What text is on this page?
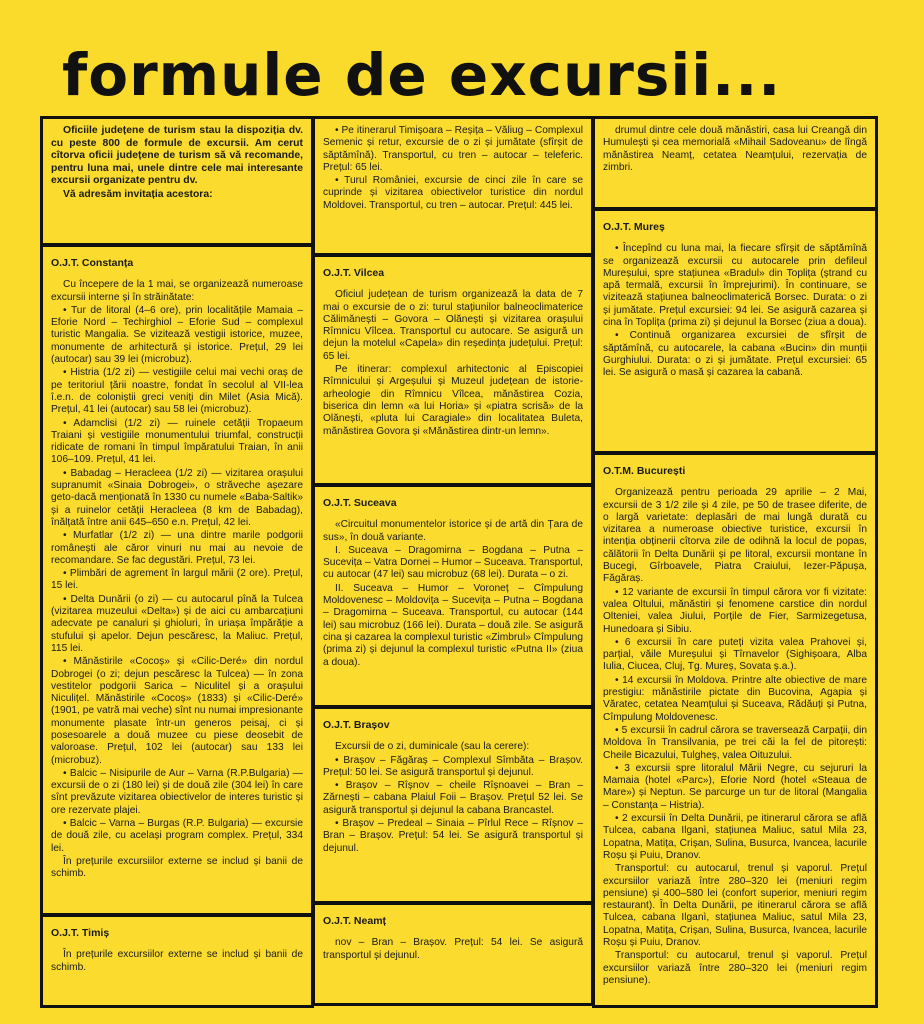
formule de excursii...

Oficiile județene de turism stau la dispoziția dv. cu peste 800 de formule de excursii. Am cerut cîtorva oficii județene de turism să vă recomande, pentru luna mai, unele dintre cele mai interesante excursii organizate pentru dv.

Vă adresăm invitația acestora:

O.J.T. Constanța

Cu începere de la 1 mai, se organizează numeroase excursii interne și în străinătate:

• Tur de litoral (4–6 ore), prin localitățile Mamaia – Eforie Nord – Techirghiol – Eforie Sud – complexul turistic Mangalia. Se vizitează vestigii istorice, muzee, monumente de arhitectură și istorice. Prețul, 29 lei (autocar) sau 39 lei (microbuz).

• Histria (1/2 zi) — vestigiile celui mai vechi oraș de pe teritoriul țării noastre, fondat în secolul al VII-lea î.e.n. de coloniștii greci veniți din Milet (Asia Mică). Prețul, 41 lei (autocar) sau 58 lei (microbuz).

• Adamclisi (1/2 zi) — ruinele cetății Tropaeum Traiani și vestigiile monumentului triumfal, construcții ridicate de romani în timpul împăratului Traian, în anii 106–109. Prețul, 41 lei.

• Babadag – Heracleea (1/2 zi) — vizitarea orașului supranumit «Sinaia Dobrogei», o străveche așezare geto-dacă menționată în 1330 cu numele «Baba-Saltik» și a ruinelor cetății Heracleea (8 km de Babadag), înălțată între anii 645–650 e.n. Prețul, 42 lei.

• Murfatlar (1/2 zi) — una dintre marile podgorii românești ale căror vinuri nu mai au nevoie de recomandare. Se fac degustări. Prețul, 73 lei.

• Plimbări de agrement în largul mării (2 ore). Prețul, 15 lei.

• Delta Dunării (o zi) — cu autocarul pînă la Tulcea (vizitarea muzeului «Delta») și de aici cu ambarcațiuni adecvate pe canaluri și ghioluri, în uriașa împărăție a stufului și apelor. Dejun pescăresc, la Maliuc. Prețul, 115 lei.

• Mănăstirile «Cocoș» și «Cilic-Deré» din nordul Dobrogei (o zi; dejun pescăresc la Tulcea) — în zona vestitelor podgorii Sarica – Niculitel și a orașului Niculițel. Mănăstirile «Cocoș» (1833) și «Cilic-Deré» (1901, pe vatră mai veche) sînt nu numai impresionante monumente plasate într-un generos peisaj, ci și posesoarele a două muzee cu piese deosebit de valoroase. Prețul, 102 lei (autocar) sau 133 lei (microbuz).

• Balcic – Nisipurile de Aur – Varna (R.P.Bulgaria) — excursii de o zi (180 lei) și de două zile (304 lei) în care sînt prevăzute vizitarea obiectivelor de interes turistic și ore rezervate plajei.

• Balcic – Varna – Burgas (R.P. Bulgaria) — excursie de două zile, cu același program complex. Prețul, 334 lei.

În prețurile excursiilor externe se includ și banii de schimb.

O.J.T. Timiș

În prețurile excursiilor externe se includ și banii de schimb.

• Pe itinerarul Timișoara – Reșița – Văliug – Complexul Semenic și retur, excursie de o zi și jumătate (sfîrșit de săptămînă). Transportul, cu tren – autocar – teleferic. Prețul: 65 lei.

• Turul României, excursie de cinci zile în care se cuprinde și vizitarea obiectivelor turistice din nordul Moldovei. Transportul, cu tren – autocar. Prețul: 445 lei.

O.J.T. Vilcea

Oficiul județean de turism organizează la data de 7 mai o excursie de o zi: turul stațiunilor balneoclimaterice Călimănești – Govora – Olănești și vizitarea orașului Rîmnicu Vîlcea. Transportul cu autocare. Se asigură un dejun la motelul «Capela» din reședința județului. Prețul: 65 lei.

Pe itinerar: complexul arhitectonic al Episcopiei Rîmnicului și Argeșului și Muzeul județean de istorie-arheologie din Rîmnicu Vîlcea, mănăstirea Cozia, biserica din lemn «a lui Horia» și «piatra scrisă» de la Olănești, «pluta lui Caragiale» din localitatea Buleta, mănăstirea Govora și «Mănăstirea dintr-un lemn».

O.J.T. Suceava

«Circuitul monumentelor istorice și de artă din Țara de sus», în două variante.

I. Suceava – Dragomirna – Bogdana – Putna – Sucevița – Vatra Dornei – Humor – Suceava. Transportul, cu autocar (47 lei) sau microbuz (68 lei). Durata – o zi.

II. Suceava – Humor – Voroneț – Cîmpulung Moldovenesc – Moldovița – Sucevița – Putna – Bogdana – Dragomirna – Suceava. Transportul, cu autocar (144 lei) sau microbuz (166 lei). Durata – două zile. Se asigură cina și cazarea la complexul turistic «Zimbrul» Cîmpulung (prima zi) și dejunul la complexul turistic «Putna II» (ziua a doua).

O.J.T. Brașov

Excursii de o zi, duminicale (sau la cerere):

• Brașov – Făgăraș – Complexul Sîmbăta – Brașov. Prețul: 50 lei. Se asigură transportul și dejunul.

• Brașov – Rîșnov – cheile Rîșnoavei – Bran – Zărnești – cabana Plaiul Foii – Brașov. Prețul 52 lei. Se asigură transportul și dejunul la cabana Brancastel.

• Brașov – Predeal – Sinaia – Pîrlul Rece – Rîșnov – Bran – Brașov. Prețul: 54 lei. Se asigură transportul și dejunul.

O.J.T. Neamț

nov – Bran – Brașov. Prețul: 54 lei. Se asigură transportul și dejunul.

drumul dintre cele două mănăstiri, casa lui Creangă din Humulești și cea memorială «Mihail Sadoveanu» de lîngă mănăstirea Neamț, cetatea Neamțului, rezervația de zimbri.

O.J.T. Mureș

• Începînd cu luna mai, la fiecare sfîrșit de săptămînă se organizează excursii cu autocarele prin defileul Mureșului, spre stațiunea «Bradul» din Toplița (ștrand cu apă termală, excursii în împrejurimi). În continuare, se vizitează stațiunea balneoclimaterică Borsec. Durata: o zi și jumătate. Prețul excursiei: 94 lei. Se asigură cazarea și cina în Toplița (prima zi) și dejunul la Borsec (ziua a doua).

• Continuă organizarea excursiei de sfîrșit de săptămînă, cu autocarele, la cabana «Bucin» din munții Gurghiului. Durata: o zi și jumătate. Prețul excursiei: 65 lei. Se asigură o masă și cazarea la cabană.

O.T.M. București

Organizează pentru perioada 29 aprilie – 2 Mai, excursii de 3 1/2 zile și 4 zile, pe 50 de trasee diferite, de o largă varietate: deplasări de mai lungă durată cu vizitarea a numeroase obiective turistice, excursii în intenția obținerii cîtorva zile de odihnă la locul de popas, călătorii în Delta Dunării și pe litoral, excursii montane în Bucegi, Gîrboavele, Piatra Craiului, Iezer-Păpușa, Făgăraș.

• 12 variante de excursii în timpul cărora vor fi vizitate: valea Oltului, mănăstiri și fenomene carstice din nordul Olteniei, valea Jiului, Porțile de Fier, Sarmizegetusa, Hunedoara și Sibiu.

• 6 excursii în care puteți vizita valea Prahovei și, parțial, văile Mureșului și Tîrnavelor (Sighișoara, Alba Iulia, Ciucea, Cluj, Tg. Mureș, Sovata ș.a.).

• 14 excursii în Moldova. Printre alte obiective de mare prestigiu: mănăstirile pictate din Bucovina, Agapia și Văratec, cetatea Neamțului și Suceava, Rădăuți și Putna, Cîmpulung Moldovenesc.

• 5 excursii în cadrul cărora se traversează Carpații, din Moldova în Transilvania, pe trei căi la fel de pitorești: Cheile Bicazului, Tulgheș, valea Oituzului.

• 3 excursii spre litoralul Mării Negre, cu sejururi la Mamaia (hotel «Parc»), Eforie Nord (hotel «Steaua de Mare») și Neptun. Se parcurge un tur de litoral (Mangalia – Constanța – Histria).

• 2 excursii în Delta Dunării, pe itinerarul cărora se află Tulcea, cabana Ilganì, stațiunea Maliuc, satul Mila 23, Lopatna, Matița, Crișan, Sulina, Busurca, Ivancea, lacurile Roșu și Puiu, Dranov.

Transportul: cu autocarul, trenul și vaporul. Prețul excursiilor variază între 280–320 lei (meniuri regim pensiune) și 400–580 lei (confort superior, meniuri regim restaurant). În Delta Dunării, pe itinerarul cărora se află Tulcea, cabana Ilganì, stațiunea Maliuc, satul Mila 23, Lopatna, Matița, Crișan, Sulina, Busurca, Ivancea, lacurile Roșu și Puiu, Dranov.

Transportul: cu autocarul, trenul și vaporul. Prețul excursiilor variază între 280–320 lei (meniuri regim pensiune).
